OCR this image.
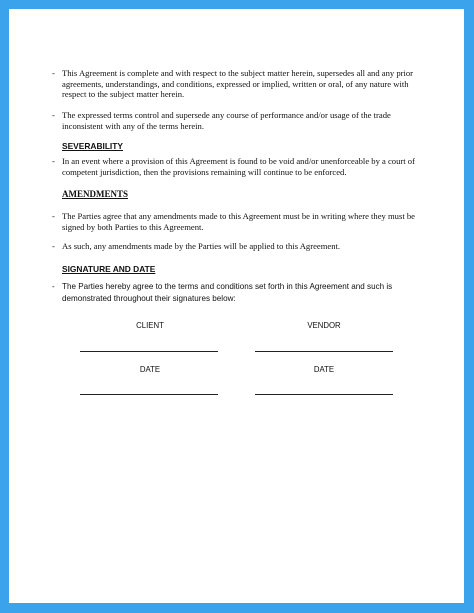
- This Agreement is complete and with respect to the subject matter herein, supersedes all and any prior agreements, understandings, and conditions, expressed or implied, written or oral, of any nature with respect to the subject matter herein.
- The expressed terms control and supersede any course of performance and/or usage of the trade inconsistent with any of the terms herein.
SEVERABILITY
- In an event where a provision of this Agreement is found to be void and/or unenforceable by a court of competent jurisdiction, then the provisions remaining will continue to be enforced.
AMENDMENTS
- The Parties agree that any amendments made to this Agreement must be in writing where they must be signed by both Parties to this Agreement.
- As such, any amendments made by the Parties will be applied to this Agreement.
SIGNATURE AND DATE
- The Parties hereby agree to the terms and conditions set forth in this Agreement and such is demonstrated throughout their signatures below:
CLIENT	VENDOR
DATE	DATE
